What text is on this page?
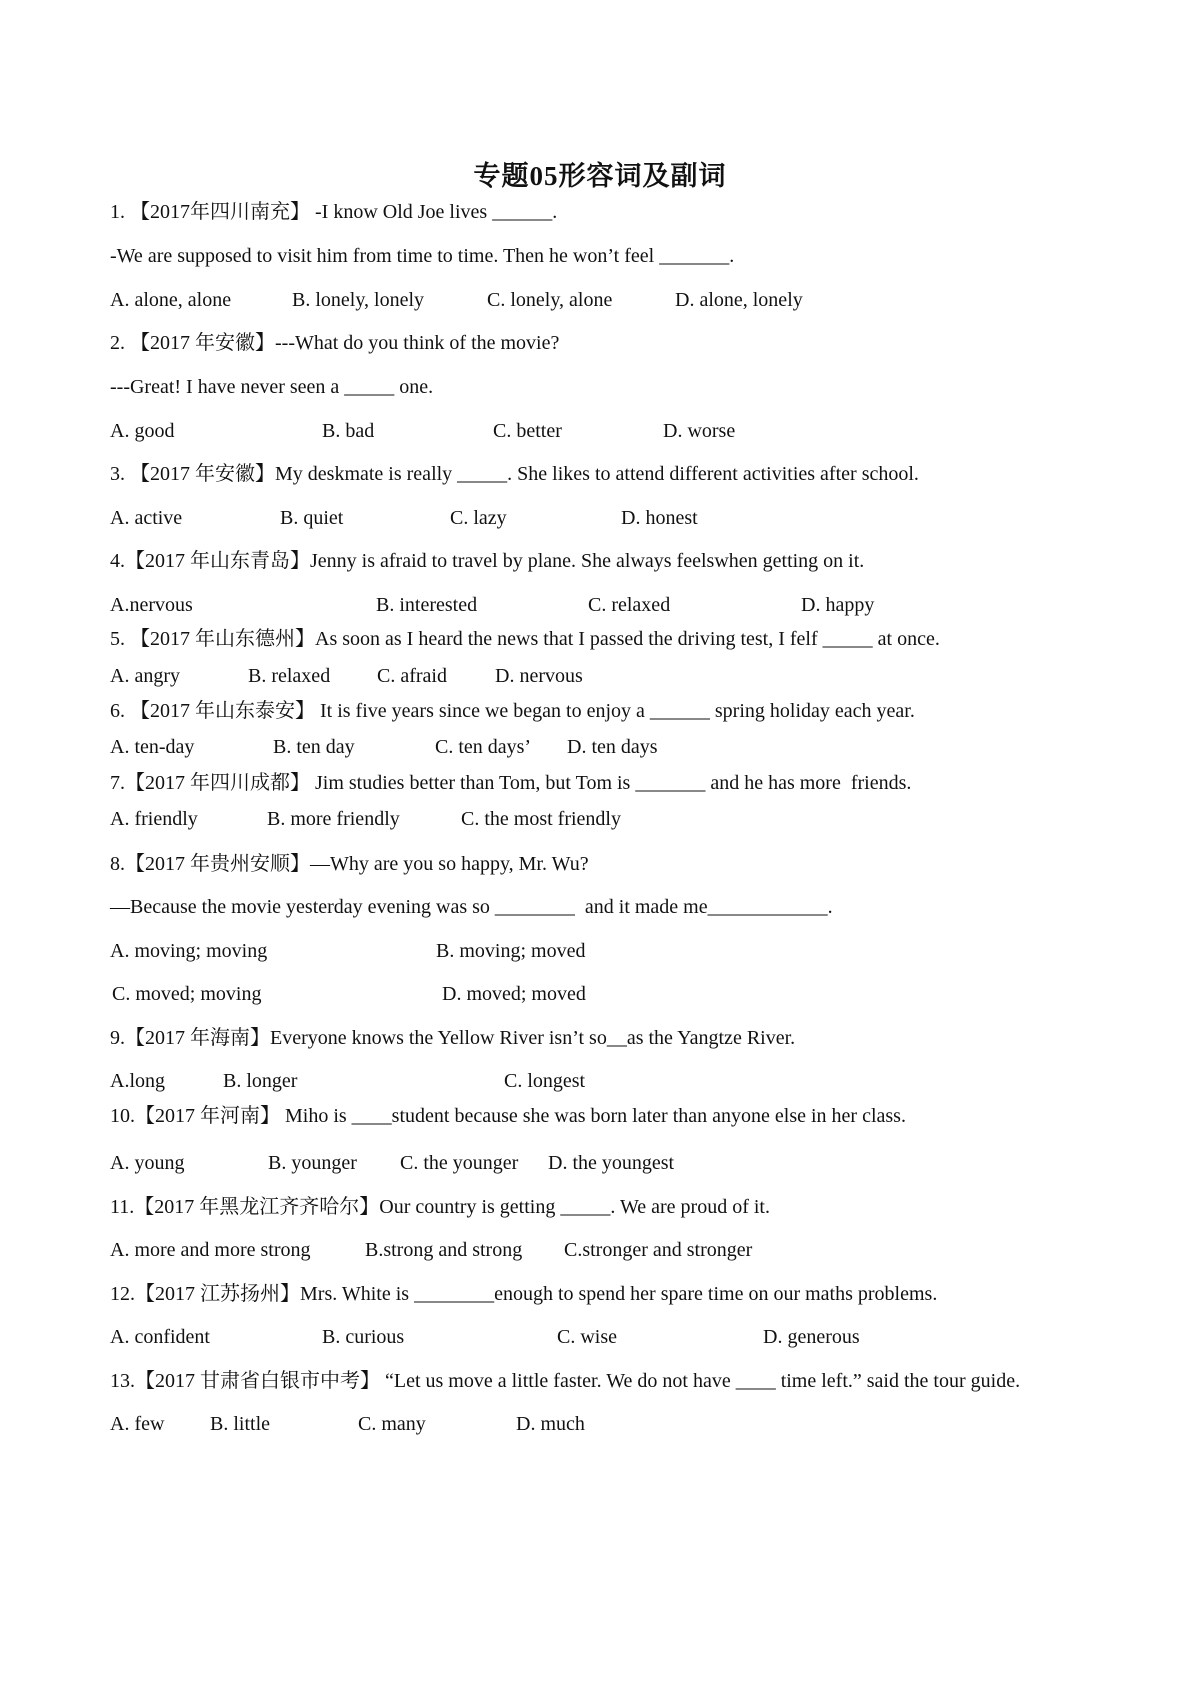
专题05形容词及副词
1. 【2017年四川南充】 -I know Old Joe lives ______.
-We are supposed to visit him from time to time. Then he won’t feel _______.
A. alone, alone	B. lonely, lonely	C. lonely, alone	D. alone, lonely
2. 【2017 年安徽】---What do you think of the movie?
---Great! I have never seen a _____ one.
A. good	B. bad	C. better	D. worse
3. 【2017 年安徽】My deskmate is really _____. She likes to attend different activities after school.
A. active	B. quiet	C. lazy	D. honest
4.【2017 年山东青岛】Jenny is afraid to travel by plane. She always feelswhen getting on it.
A.nervous	B. interested	C. relaxed	D. happy
5. 【2017 年山东德州】As soon as I heard the news that I passed the driving test, I felf _____ at once.
A. angry	B. relaxed C. afraid D. nervous
6. 【2017 年山东泰安】 It is five years since we began to enjoy a ______ spring holiday each year.
A. ten-day	B. ten day	C. ten days’ D. ten days
7.【2017 年四川成都】 Jim studies better than Tom, but Tom is _______ and he has more  friends.
A. friendly	B. more friendly	C. the most friendly
8.【2017 年贵州安顺】—Why are you so happy, Mr. Wu?
—Because the movie yesterday evening was so ________  and it made me____________.
A. moving; moving	B. moving; moved
C. moved; moving	D. moved; moved
9.【2017 年海南】Everyone knows the Yellow River isn’t so__as the Yangtze River.
A.long	B. longer	C. longest
10.【2017 年河南】 Miho is ____student because she was born later than anyone else in her class.
A. young	B. younger C. the younger D. the youngest
11.【2017 年黑龙江齐齐哈尔】Our country is getting _____. We are proud of it.
A. more and more strong	B.strong and strong C.stronger and stronger
12.【2017 江苏扬州】Mrs. White is ________enough to spend her spare time on our maths problems.
A. confident	B. curious	C. wise	D. generous
13.【2017 甘肃省白银市中考】 “Let us move a little faster. We do not have ____ time left.” said the tour guide.
A. few B. little	C. many	D. much
